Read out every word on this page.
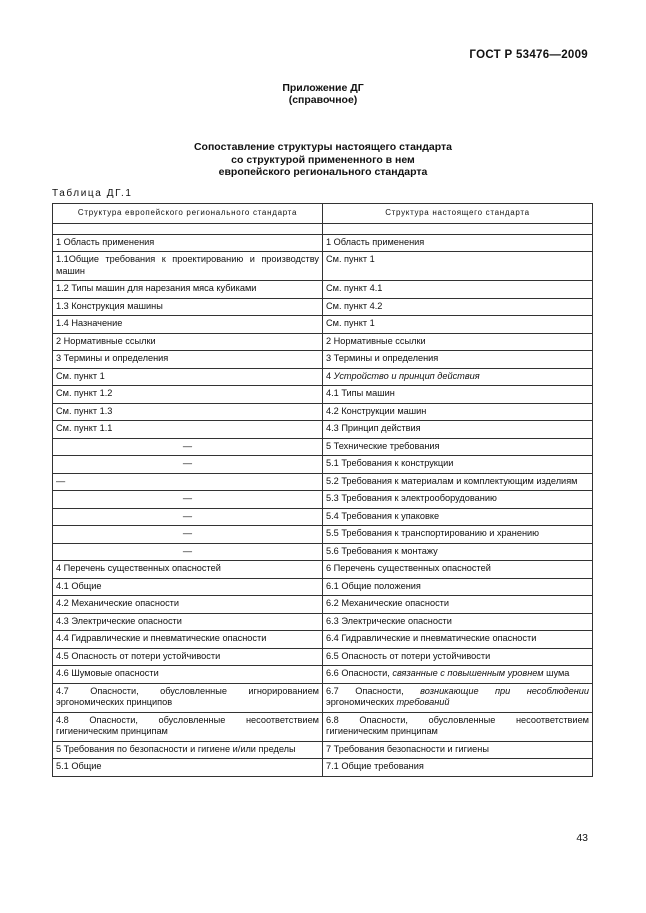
ГОСТ Р 53476—2009
Приложение ДГ
(справочное)
Сопоставление структуры настоящего стандарта
со структурой примененного в нем
европейского регионального стандарта
Таблица ДГ.1
Структура европейского регионального стандарта	Структура настоящего стандарта

1 Область применения	1 Область применения
1.1Общие требования к проектированию и производству машин	См. пункт 1
1.2 Типы машин для нарезания мяса кубиками	См. пункт 4.1
1.3 Конструкция машины	См. пункт 4.2
1.4 Назначение	См. пункт 1
2 Нормативные ссылки	2 Нормативные ссылки
3 Термины и определения	3 Термины и определения
См. пункт 1	4 Устройство и принцип действия
См. пункт 1.2	4.1 Типы машин
См. пункт 1.3	4.2 Конструкции машин
См. пункт 1.1	4.3 Принцип действия
—	5 Технические требования
—	5.1 Требования к конструкции
—	5.2 Требования к материалам и комплектующим изделиям
—	5.3 Требования к электрооборудованию
—	5.4 Требования к упаковке
—	5.5 Требования к транспортированию и хранению
—	5.6 Требования к монтажу
4 Перечень существенных опасностей	6 Перечень существенных опасностей
4.1 Общие	6.1 Общие положения
4.2 Механические опасности	6.2 Механические опасности
4.3 Электрические опасности	6.3 Электрические опасности
4.4 Гидравлические и пневматические опасности	6.4 Гидравлические и пневматические опасности
4.5 Опасность от потери устойчивости	6.5 Опасность от потери устойчивости
4.6 Шумовые опасности	6.6 Опасности, связанные с повышенным уровнем шума
4.7 Опасности, обусловленные игнорированием эргономических принципов	6.7 Опасности, возникающие при несоблюдении эргономических требований
4.8 Опасности, обусловленные несоответствием гигиеническим принципам	6.8 Опасности, обусловленные несоответствием гигиеническим принципам
5 Требования по безопасности и гигиене и/или пределы	7 Требования безопасности и гигиены
5.1 Общие	7.1 Общие требования
43
